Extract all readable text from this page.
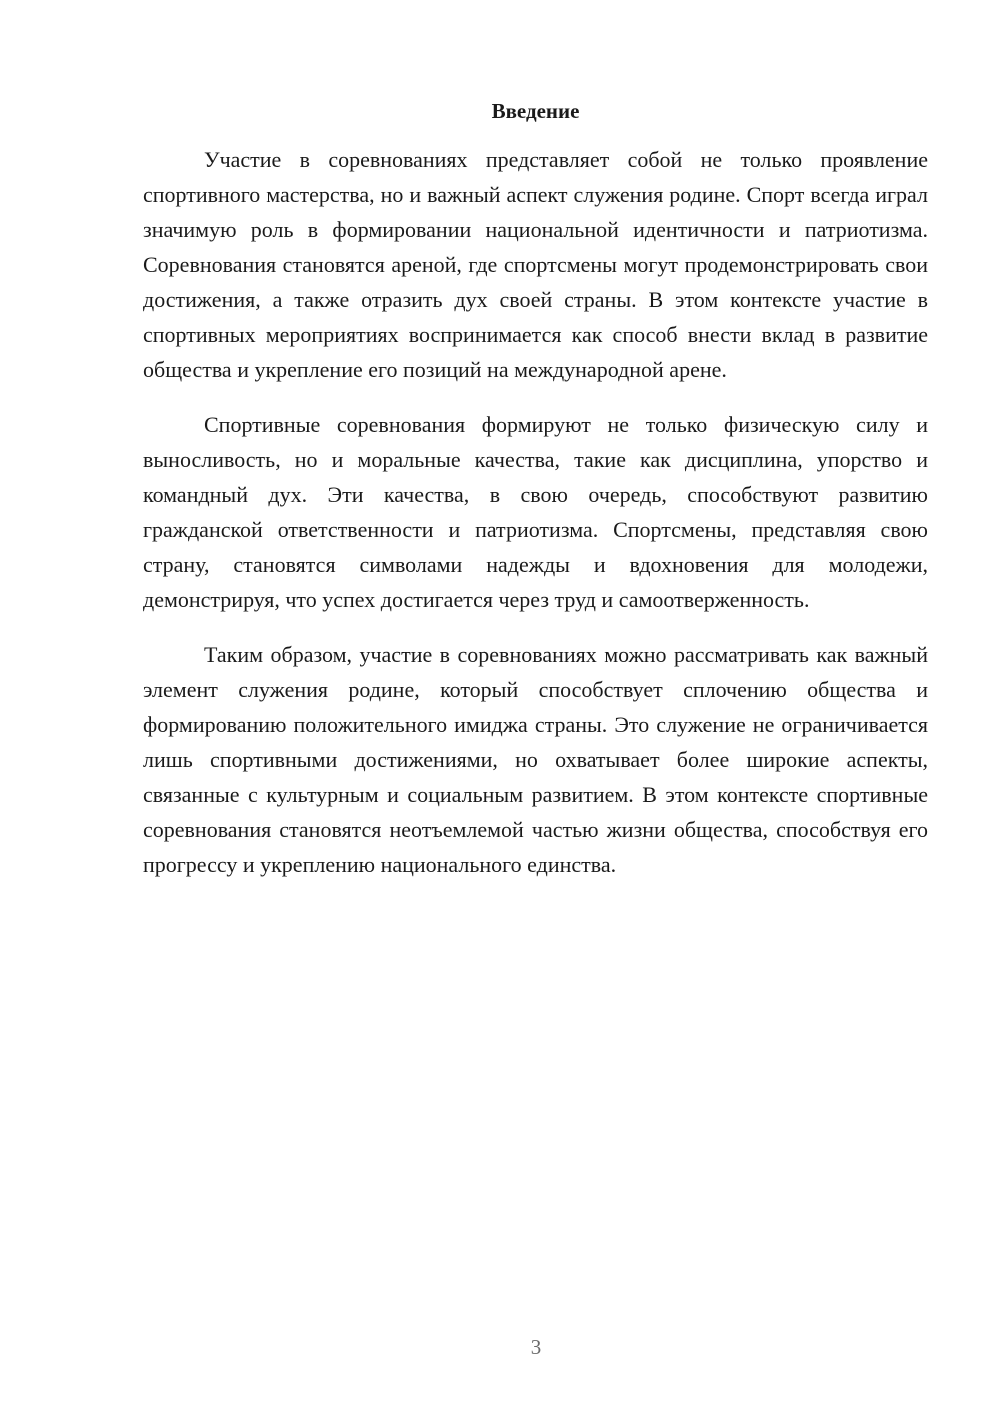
Введение

Участие в соревнованиях представляет собой не только проявление спортивного мастерства, но и важный аспект служения родине. Спорт всегда играл значимую роль в формировании национальной идентичности и патриотизма. Соревнования становятся ареной, где спортсмены могут продемонстрировать свои достижения, а также отразить дух своей страны. В этом контексте участие в спортивных мероприятиях воспринимается как способ внести вклад в развитие общества и укрепление его позиций на международной арене.

Спортивные соревнования формируют не только физическую силу и выносливость, но и моральные качества, такие как дисциплина, упорство и командный дух. Эти качества, в свою очередь, способствуют развитию гражданской ответственности и патриотизма. Спортсмены, представляя свою страну, становятся символами надежды и вдохновения для молодежи, демонстрируя, что успех достигается через труд и самоотверженность.

Таким образом, участие в соревнованиях можно рассматривать как важный элемент служения родине, который способствует сплочению общества и формированию положительного имиджа страны. Это служение не ограничивается лишь спортивными достижениями, но охватывает более широкие аспекты, связанные с культурным и социальным развитием. В этом контексте спортивные соревнования становятся неотъемлемой частью жизни общества, способствуя его прогрессу и укреплению национального единства.

3
